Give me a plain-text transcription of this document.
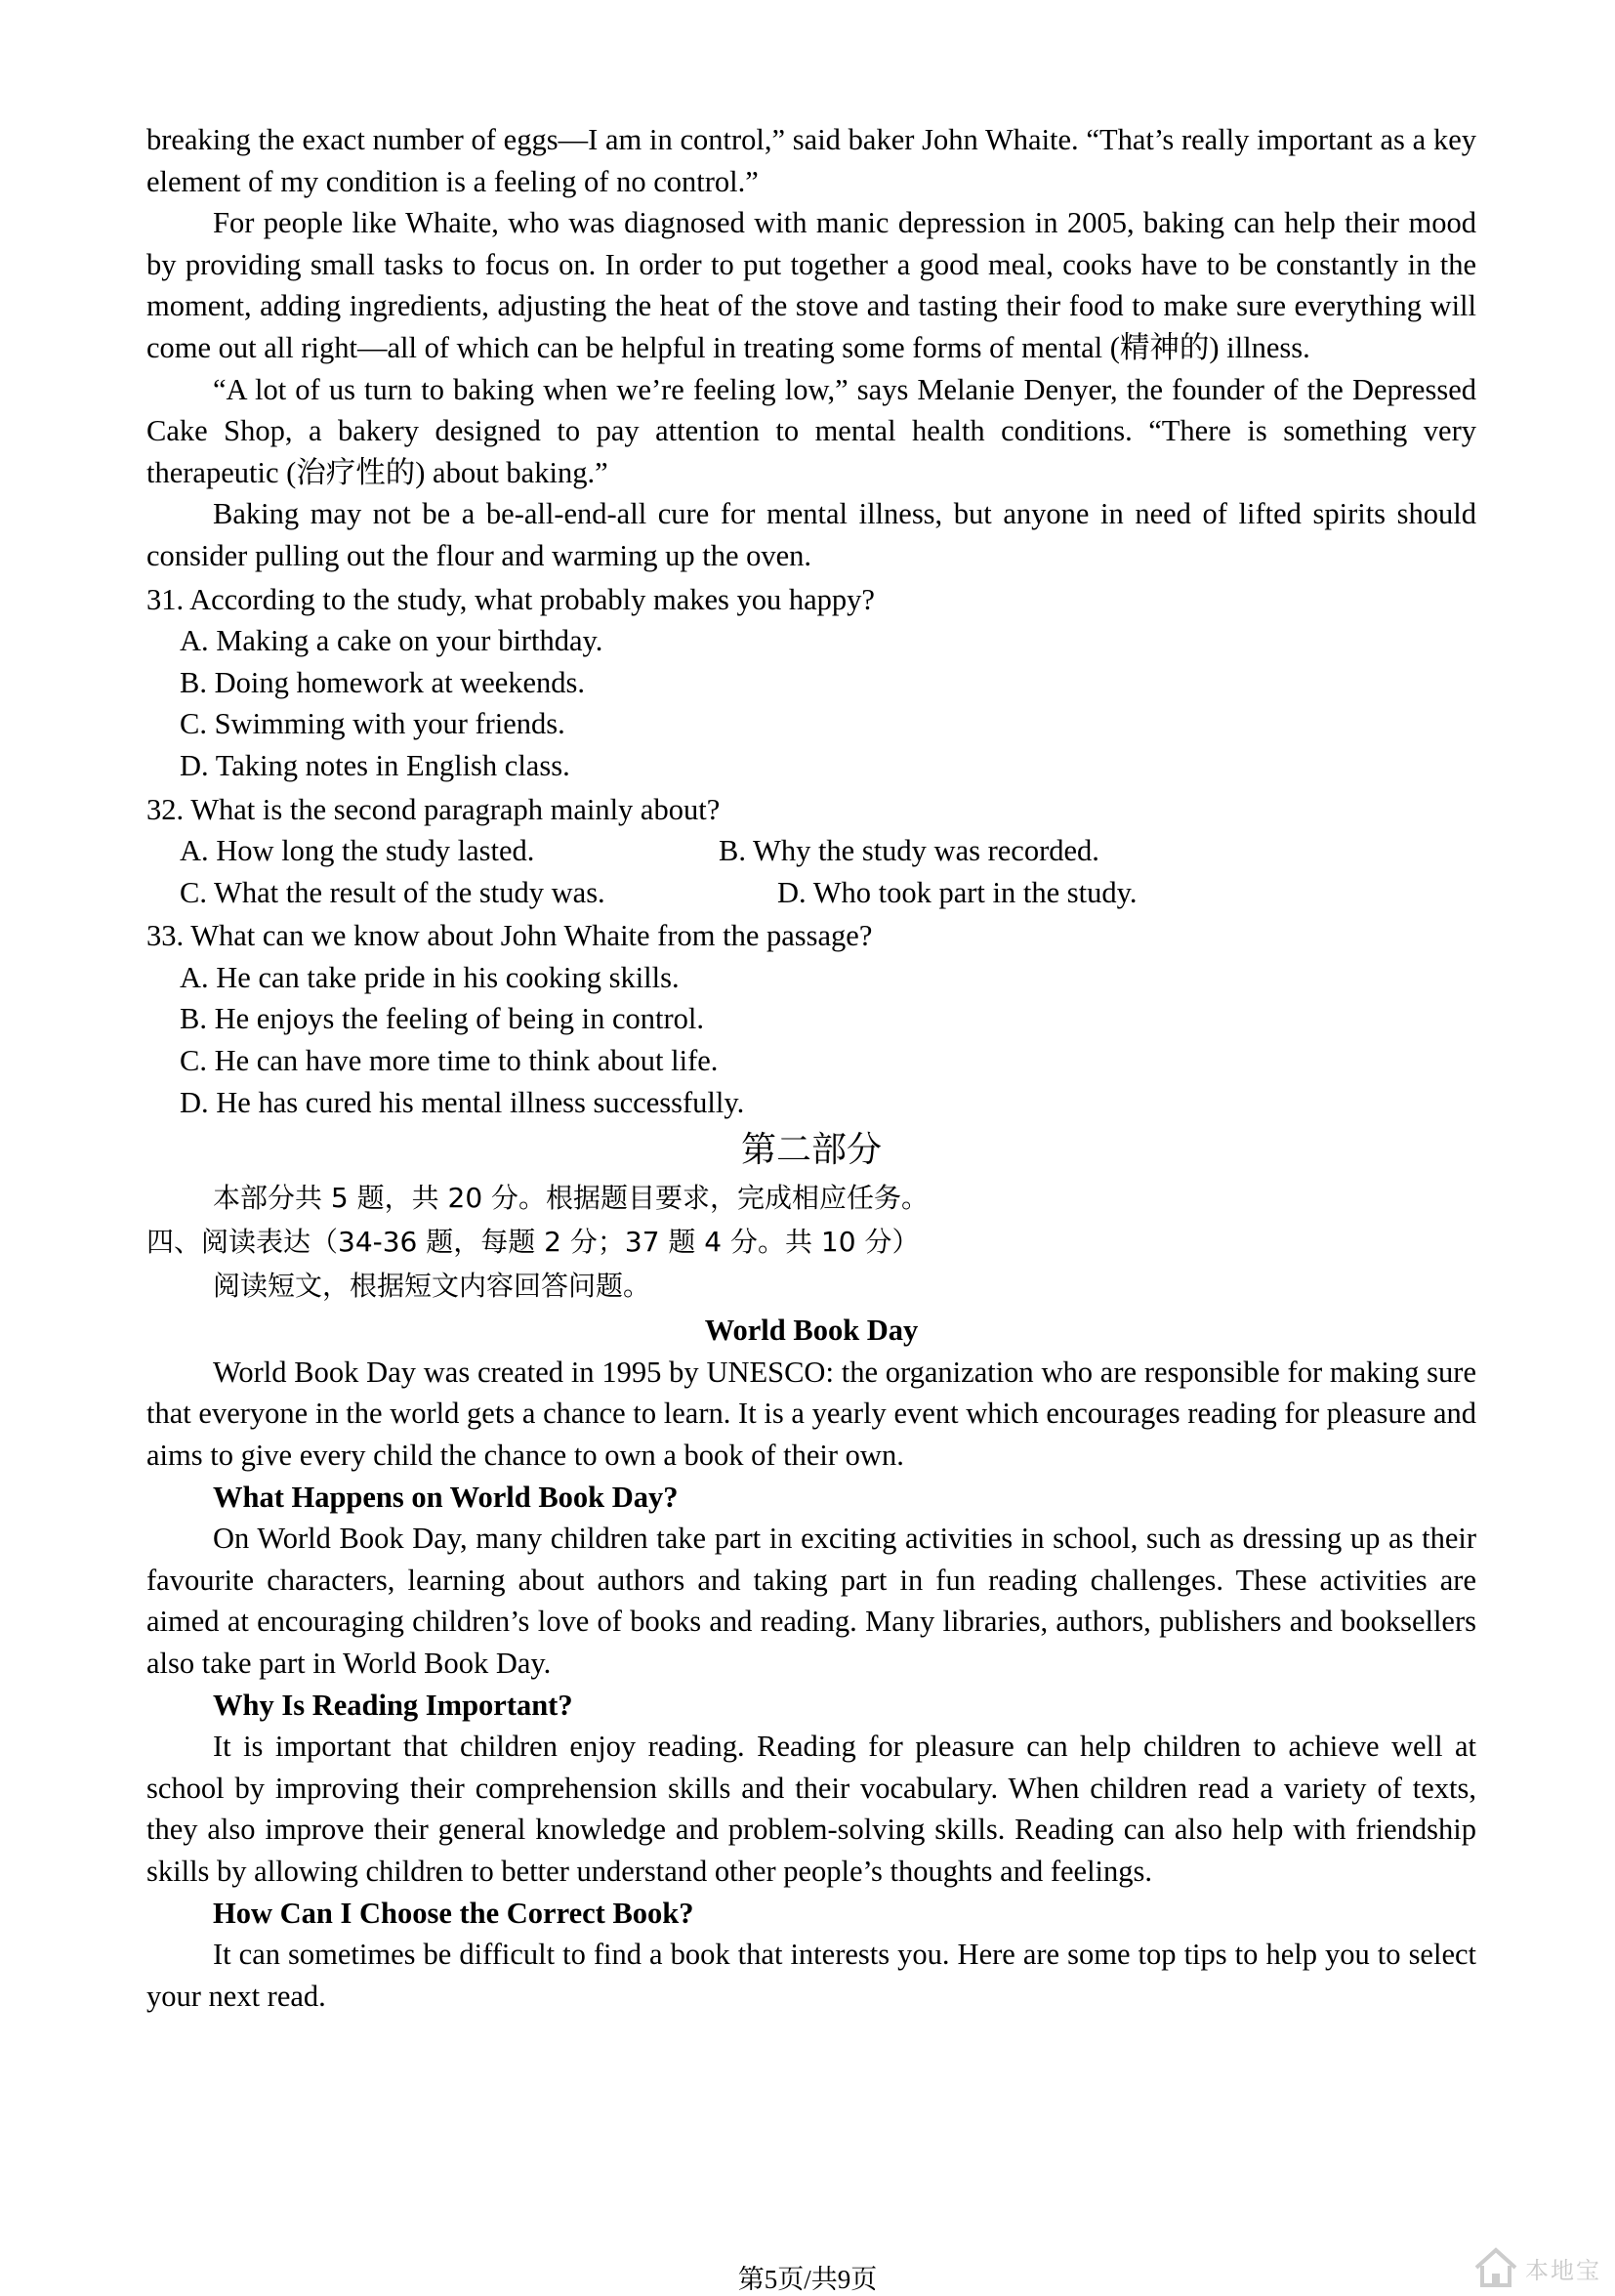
breaking the exact number of eggs—I am in control,” said baker John Whaite. “That’s really important as a key element of my condition is a feeling of no control.”

For people like Whaite, who was diagnosed with manic depression in 2005, baking can help their mood by providing small tasks to focus on. In order to put together a good meal, cooks have to be constantly in the moment, adding ingredients, adjusting the heat of the stove and tasting their food to make sure everything will come out all right—all of which can be helpful in treating some forms of mental (精神的) illness.

“A lot of us turn to baking when we’re feeling low,” says Melanie Denyer, the founder of the Depressed Cake Shop, a bakery designed to pay attention to mental health conditions. “There is something very therapeutic (治疗性的) about baking.”

Baking may not be a be-all-end-all cure for mental illness, but anyone in need of lifted spirits should consider pulling out the flour and warming up the oven.

31. According to the study, what probably makes you happy?

A. Making a cake on your birthday.

B. Doing homework at weekends.

C. Swimming with your friends.

D. Taking notes in English class.

32. What is the second paragraph mainly about?

A. How long the study lasted.	B. Why the study was recorded.
C. What the result of the study was.	D. Who took part in the study.

33. What can we know about John Whaite from the passage?

A. He can take pride in his cooking skills.

B. He enjoys the feeling of being in control.

C. He can have more time to think about life.

D. He has cured his mental illness successfully.

第二部分

本部分共 5 题，共 20 分。根据题目要求，完成相应任务。

四、阅读表达（34-36 题，每题 2 分；37 题 4 分。共 10 分）

阅读短文，根据短文内容回答问题。

World Book Day

World Book Day was created in 1995 by UNESCO: the organization who are responsible for making sure that everyone in the world gets a chance to learn. It is a yearly event which encourages reading for pleasure and aims to give every child the chance to own a book of their own.

What Happens on World Book Day?

On World Book Day, many children take part in exciting activities in school, such as dressing up as their favourite characters, learning about authors and taking part in fun reading challenges. These activities are aimed at encouraging children’s love of books and reading. Many libraries, authors, publishers and booksellers also take part in World Book Day.

Why Is Reading Important?

It is important that children enjoy reading. Reading for pleasure can help children to achieve well at school by improving their comprehension skills and their vocabulary. When children read a variety of texts, they also improve their general knowledge and problem-solving skills. Reading can also help with friendship skills by allowing children to better understand other people’s thoughts and feelings.

How Can I Choose the Correct Book?

It can sometimes be difficult to find a book that interests you. Here are some top tips to help you to select your next read.

第5页/共9页	本地宝
